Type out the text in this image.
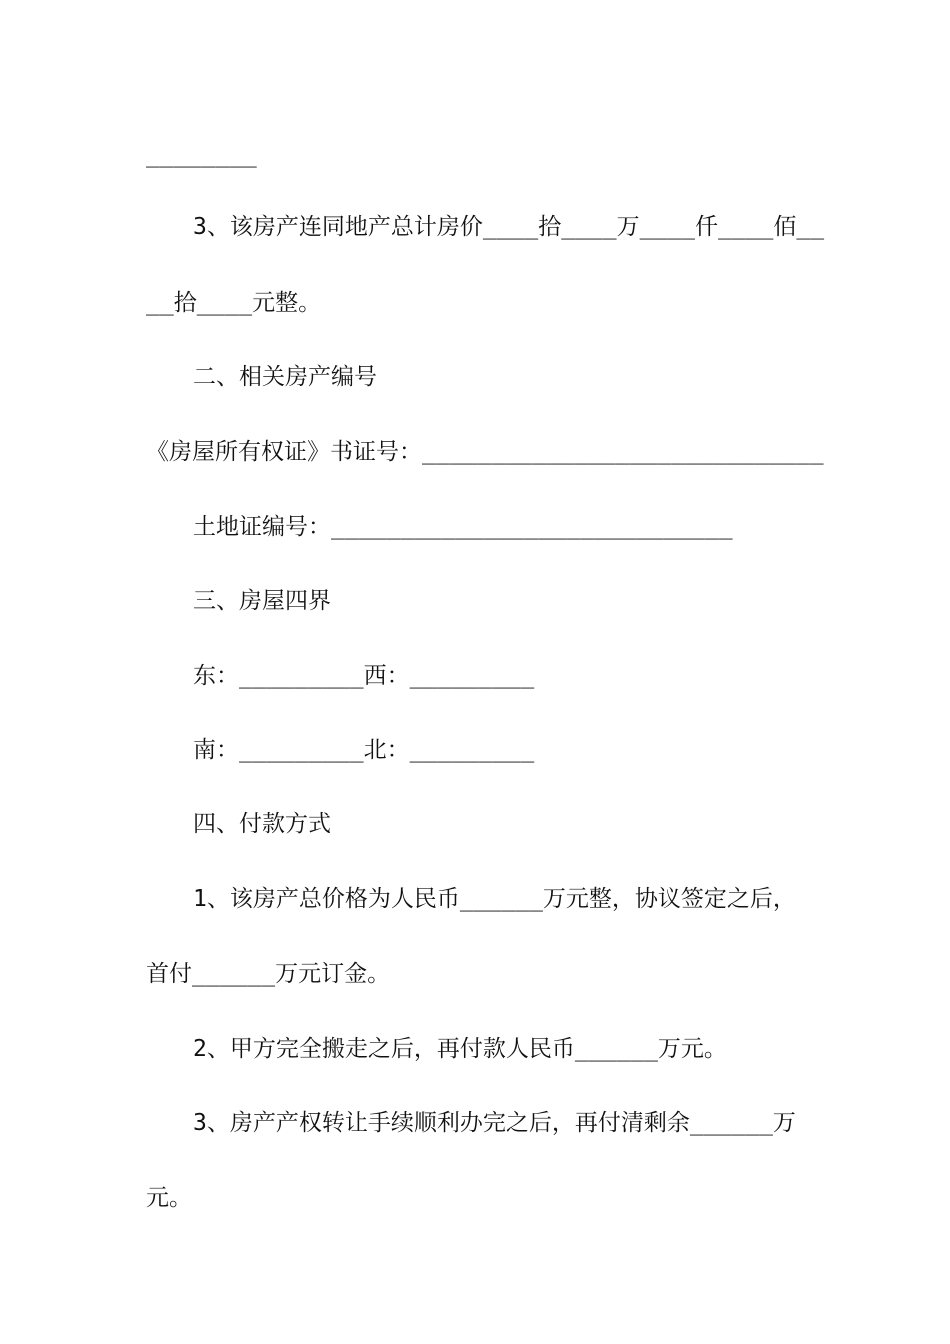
________
3、该房产连同地产总计房价____拾____万____仟____佰__
__拾____元整。
二、相关房产编号
《房屋所有权证》书证号：_____________________________
土地证编号：_____________________________
三、房屋四界
东：_________西：_________
南：_________北：_________
四、付款方式
1、该房产总价格为人民币______万元整，协议签定之后，
首付______万元订金。
2、甲方完全搬走之后，再付款人民币______万元。
3、房产产权转让手续顺利办完之后，再付清剩余______万
元。
